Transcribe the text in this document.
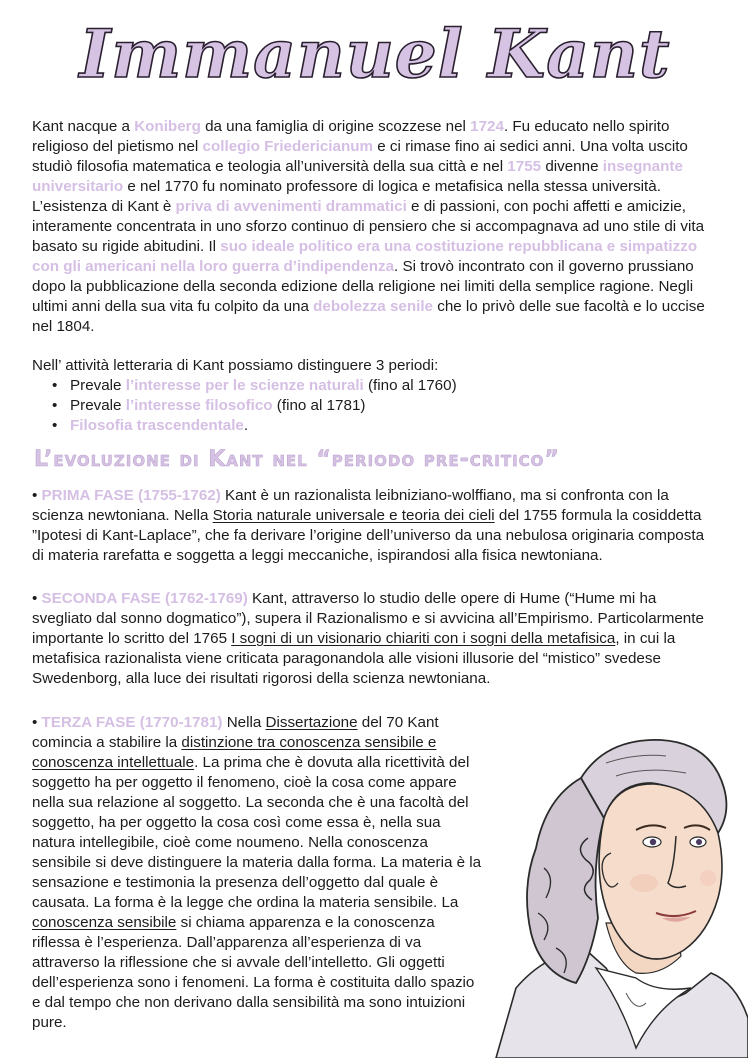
Immanuel Kant

Kant nacque a Koniberg da una famiglia di origine scozzese nel 1724. Fu educato nello spirito religioso del pietismo nel collegio Friedericianum e ci rimase fino ai sedici anni. Una volta uscito studiò filosofia matematica e teologia all’università della sua città e nel 1755 divenne insegnante universitario e nel 1770 fu nominato professore di logica e metafisica nella stessa università. L’esistenza di Kant è priva di avvenimenti drammatici e di passioni, con pochi affetti e amicizie, interamente concentrata in uno sforzo continuo di pensiero che si accompagnava ad uno stile di vita basato su rigide abitudini. Il suo ideale politico era una costituzione repubblicana e simpatizzo con gli americani nella loro guerra d’indipendenza. Si trovò incontrato con il governo prussiano dopo la pubblicazione della seconda edizione della religione nei limiti della semplice ragione. Negli ultimi anni della sua vita fu colpito da una debolezza senile che lo privò delle sue facoltà e lo uccise nel 1804.

Nell’ attività letteraria di Kant possiamo distinguere 3 periodi:
• Prevale l’interesse per le scienze naturali (fino al 1760)
• Prevale l’interesse filosofico (fino al 1781)
• Filosofia trascendentale.
L’evoluzione di Kant nel “periodo pre-critico”

• PRIMA FASE (1755-1762) Kant è un razionalista leibniziano-wolffiano, ma si confronta con la scienza newtoniana. Nella Storia naturale universale e teoria dei cieli del 1755 formula la cosiddetta ”Ipotesi di Kant-Laplace”, che fa derivare l’origine dell’universo da una nebulosa originaria composta di materia rarefatta e soggetta a leggi meccaniche, ispirandosi alla fisica newtoniana.

• SECONDA FASE (1762-1769) Kant, attraverso lo studio delle opere di Hume (“Hume mi ha svegliato dal sonno dogmatico”), supera il Razionalismo e si avvicina all’Empirismo. Particolarmente importante lo scritto del 1765 I sogni di un visionario chiariti con i sogni della metafisica, in cui la metafisica razionalista viene criticata paragonandola alle visioni illusorie del “mistico” svedese Swedenborg, alla luce dei risultati rigorosi della scienza newtoniana.

• TERZA FASE (1770-1781) Nella Dissertazione del 70 Kant comincia a stabilire la distinzione tra conoscenza sensibile e conoscenza intellettuale. La prima che è dovuta alla ricettività del soggetto ha per oggetto il fenomeno, cioè la cosa come appare nella sua relazione al soggetto. La seconda che è una facoltà del soggetto, ha per oggetto la cosa così come essa è, nella sua natura intellegibile, cioè come noumeno. Nella conoscenza sensibile si deve distinguere la materia dalla forma. La materia è la sensazione e testimonia la presenza dell’oggetto dal quale è causata. La forma è la legge che ordina la materia sensibile. La conoscenza sensibile si chiama apparenza e la conoscenza riflessa è l’esperienza. Dall’apparenza all’esperienza di va attraverso la riflessione che si avvale dell’intelletto. Gli oggetti dell’esperienza sono i fenomeni. La forma è costituita dallo spazio e dal tempo che non derivano dalla sensibilità ma sono intuizioni pure.
